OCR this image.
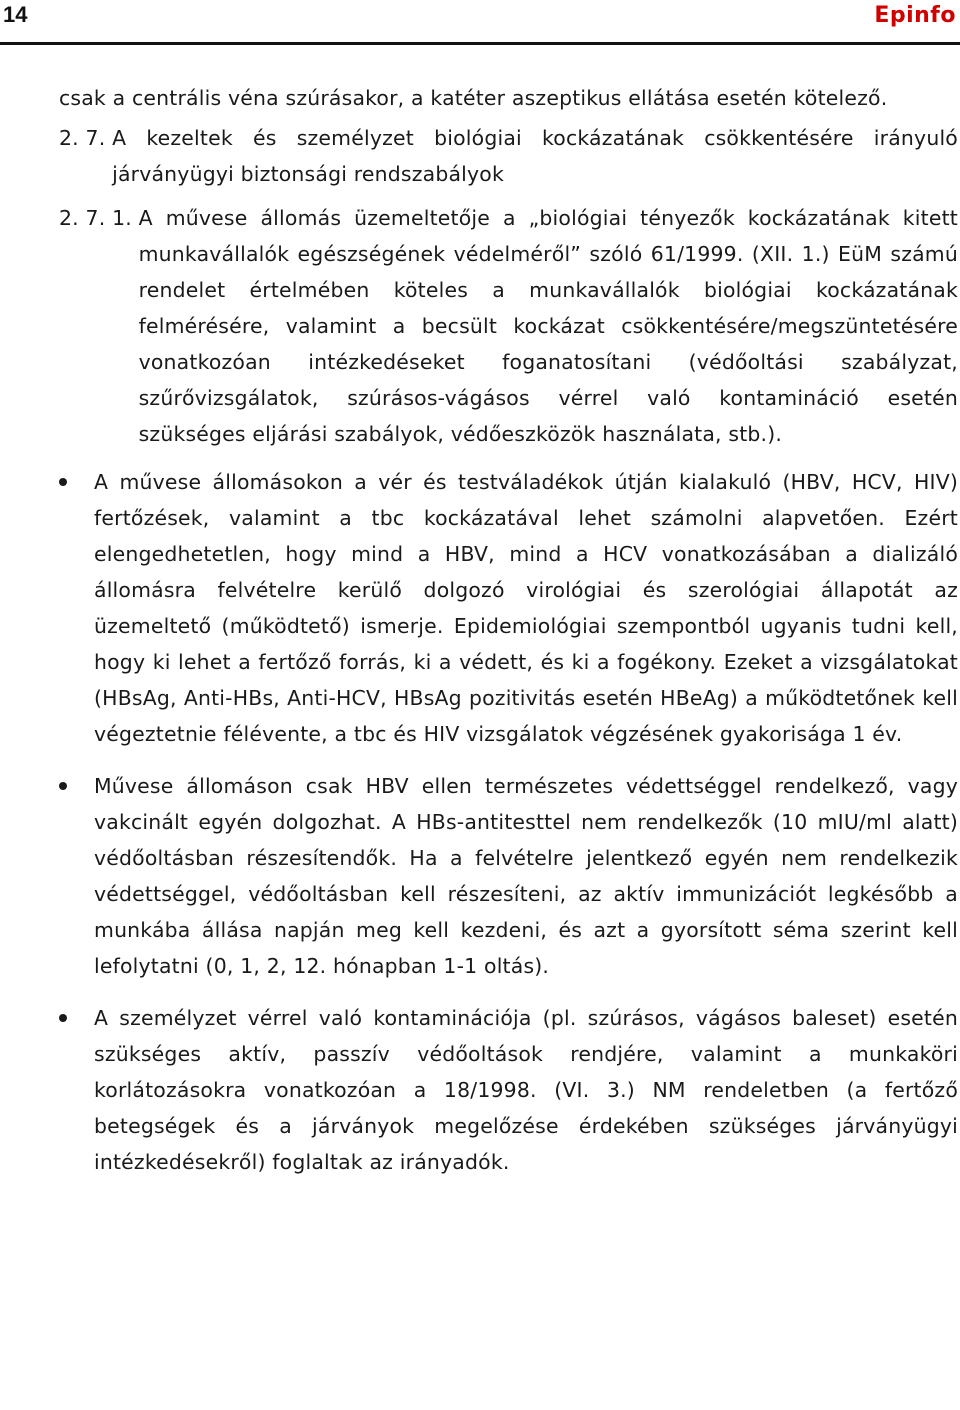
14	Epinfo

csak a centrális véna szúrásakor, a katéter aszeptikus ellátása esetén kötelező.

2. 7. A kezeltek és személyzet biológiai kockázatának csökkentésére irányuló járványügyi biztonsági rendszabályok
2. 7. 1. A művese állomás üzemeltetője a „biológiai tényezők kockázatának kitett munkavállalók egészségének védelméről” szóló 61/1999. (XII. 1.) EüM számú rendelet értelmében köteles a munkavállalók biológiai kockázatának felmérésére, valamint a becsült kockázat csökkentésére/megszüntetésére vonatkozóan intézkedéseket foganatosítani (védőoltási szabályzat, szűrővizsgálatok, szúrásos-vágásos vérrel való kontamináció esetén szükséges eljárási szabályok, védőeszközök használata, stb.).
A művese állomásokon a vér és testváladékok útján kialakuló (HBV, HCV, HIV) fertőzések, valamint a tbc kockázatával lehet számolni alapvetően. Ezért elengedhetetlen, hogy mind a HBV, mind a HCV vonatkozásában a dializáló állomásra felvételre kerülő dolgozó virológiai és szerológiai állapotát az üzemeltető (működtető) ismerje. Epidemiológiai szempontból ugyanis tudni kell, hogy ki lehet a fertőző forrás, ki a védett, és ki a fogékony. Ezeket a vizsgálatokat (HBsAg, Anti-HBs, Anti-HCV, HBsAg pozitivitás esetén HBeAg) a működtetőnek kell végeztetnie félévente, a tbc és HIV vizsgálatok végzésének gyakorisága 1 év.
Művese állomáson csak HBV ellen természetes védettséggel rendelkező, vagy vakcinált egyén dolgozhat. A HBs-antitesttel nem rendelkezők (10 mIU/ml alatt) védőoltásban részesítendők. Ha a felvételre jelentkező egyén nem rendelkezik védettséggel, védőoltásban kell részesíteni, az aktív immunizációt legkésőbb a munkába állása napján meg kell kezdeni, és azt a gyorsított séma szerint kell lefolytatni (0, 1, 2, 12. hónapban 1-1 oltás).
A személyzet vérrel való kontaminációja (pl. szúrásos, vágásos baleset) esetén szükséges aktív, passzív védőoltások rendjére, valamint a munkaköri korlátozásokra vonatkozóan a 18/1998. (VI. 3.) NM rendeletben (a fertőző betegségek és a járványok megelőzése érdekében szükséges járványügyi intézkedésekről) foglaltak az irányadók.
